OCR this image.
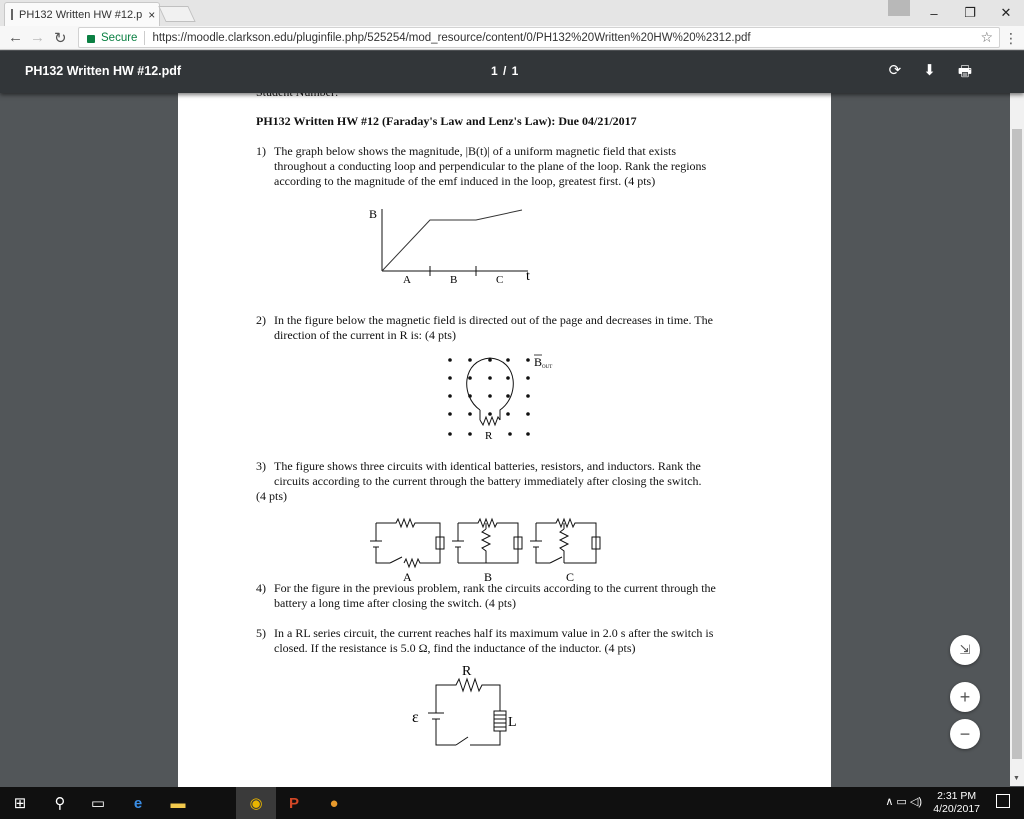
PH132 Written HW #12.p ×	–	❐	✕
← → ↻	Secure https://moodle.clarkson.edu/pluginfile.php/525254/mod_resource/content/0/PH132%20Written%20HW%20%2312.pdf	☆ ⋮
PH132 Written HW #12.pdf	1 / 1	⟳ ⬇ 🖶
PH132 Written HW #12 (Faraday's Law and Lenz's Law): Due 04/21/2017
1) The graph below shows the magnitude, |B(t)| of a uniform magnetic field that exists
throughout a conducting loop and perpendicular to the plane of the loop. Rank the regions
according to the magnitude of the emf induced in the loop, greatest first. (4 pts)
B
t
A	B	C
2) In the figure below the magnetic field is directed out of the page and decreases in time. The
direction of the current in R is: (4 pts)
B OUT
R
3) The figure shows three circuits with identical batteries, resistors, and inductors. Rank the
circuits according to the current through the battery immediately after closing the switch.
(4 pts)
A	B	C
4) For the figure in the previous problem, rank the circuits according to the current through the
battery a long time after closing the switch. (4 pts)
5) In a RL series circuit, the current reaches half its maximum value in 2.0 s after the switch is
closed. If the resistance is 5.0 Ω, find the inductance of the inductor. (4 pts)
R
ε	L
▼
⇲
+
−
⊞	⚲	▭	e	▬	◉	P	●	∧ ▭ ◁)	2:31 PM
4/20/2017
